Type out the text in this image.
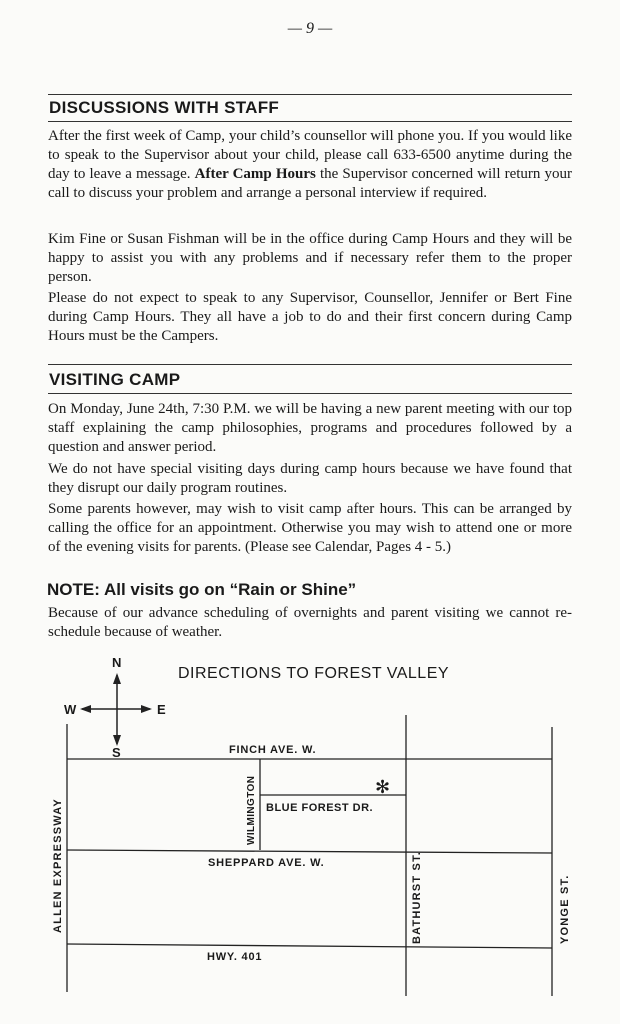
— 9 —
DISCUSSIONS WITH STAFF
After the first week of Camp, your child’s counsellor will phone you. If you would like to speak to the Supervisor about your child, please call 633-6500 anytime during the day to leave a message. After Camp Hours the Supervisor concerned will return your call to discuss your problem and arrange a personal interview if required.
Kim Fine or Susan Fishman will be in the office during Camp Hours and they will be happy to assist you with any problems and if necessary refer them to the proper person.
Please do not expect to speak to any Supervisor, Counsellor, Jennifer or Bert Fine during Camp Hours. They all have a job to do and their first concern during Camp Hours must be the Campers.
VISITING CAMP
On Monday, June 24th, 7:30 P.M. we will be having a new parent meeting with our top staff explaining the camp philosophies, programs and procedures followed by a question and answer period.
We do not have special visiting days during camp hours because we have found that they disrupt our daily program routines.
Some parents however, may wish to visit camp after hours. This can be arranged by calling the office for an appointment. Otherwise you may wish to attend one or more of the evening visits for parents. (Please see Calendar, Pages 4 - 5.)
NOTE: All visits go on “Rain or Shine”
Because of our advance scheduling of overnights and parent visiting we cannot re-schedule because of weather.
DIRECTIONS TO FOREST VALLEY
N
S
E
W
FINCH AVE. W.
SHEPPARD AVE. W.
HWY. 401
BLUE FOREST DR.
ALLEN EXPRESSWAY	WILMINGTON
BATHURST ST.	YONGE ST.
✻
